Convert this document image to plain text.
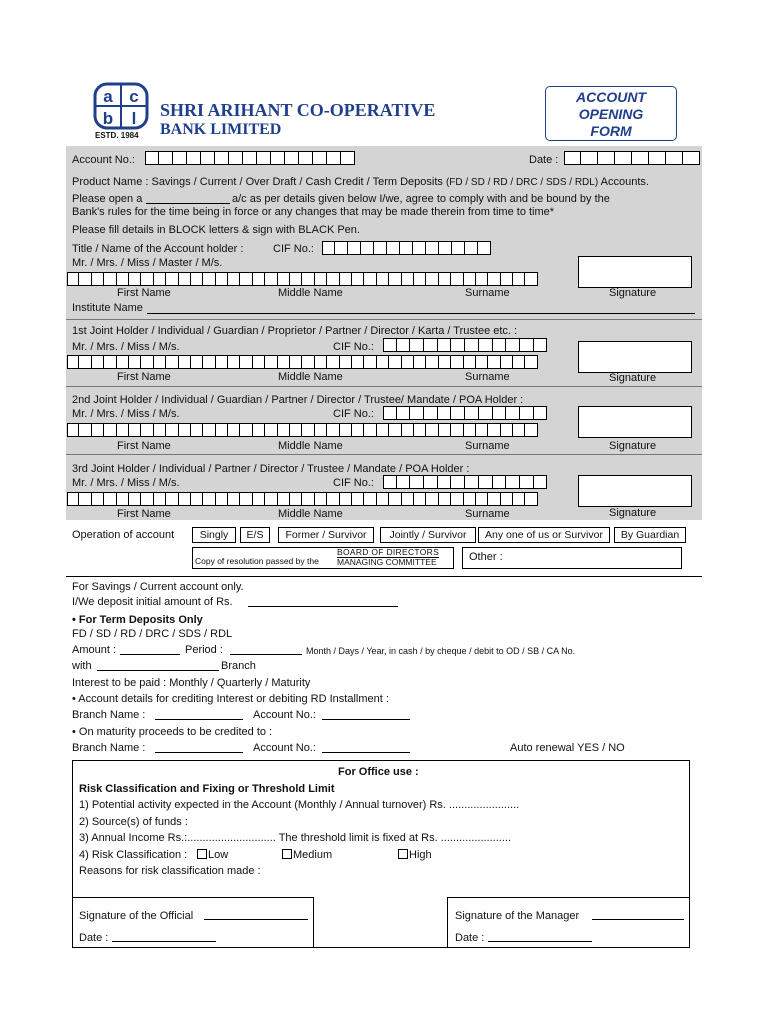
a c
b l
ESTD. 1984
SHRI ARIHANT CO-OPERATIVE
BANK LIMITED
ACCOUNT
OPENING
FORM
Account No.:	Date :
Product Name : Savings / Current / Over Draft / Cash Credit / Term Deposits (FD / SD / RD / DRC / SDS / RDL) Accounts.
Please open a	a/c as per details given below I/we, agree to comply with and be bound by the
Bank's rules for the time being in force or any changes that may be made therein from time to time*
Please fill details in BLOCK letters & sign with BLACK Pen.
Title / Name of the Account holder :	CIF No.:
Mr. / Mrs. / Miss / Master / M/s.
First Name	Middle Name	Surname	Signature
Institute Name
1st Joint Holder / Individual / Guardian / Proprietor / Partner / Director / Karta / Trustee etc. :
Mr. / Mrs. / Miss / M/s.	CIF No.:
First Name	Middle Name	Surname	Signature
2nd Joint Holder / Individual / Guardian / Partner / Director / Trustee/ Mandate / POA Holder :
Mr. / Mrs. / Miss / M/s.	CIF No.:
First Name	Middle Name	Surname	Signature
3rd Joint Holder / Individual / Partner / Director / Trustee / Mandate / POA Holder :
Mr. / Mrs. / Miss / M/s.	CIF No.:
First Name	Middle Name	Surname	Signature
Operation of account	Singly	E/S	Former / Survivor	Jointly / Survivor	Any one of us or Survivor	By Guardian
Copy of resolution passed by the
BOARD OF DIRECTORS
MANAGING COMMITTEE	Other :
For Savings / Current account only.
I/We deposit initial amount of Rs.
• For Term Deposits Only
FD / SD / RD / DRC / SDS / RDL
Amount :	Period :	Month / Days / Year, in cash / by cheque / debit to OD / SB / CA No.
with	Branch
Interest to be paid : Monthly / Quarterly / Maturity
• Account details for crediting Interest or debiting RD Installment :
Branch Name :	Account No.:
• On maturity proceeds to be credited to :
Branch Name :	Account No.:	Auto renewal YES / NO
For Office use :
Risk Classification and Fixing or Threshold Limit
1) Potential activity expected in the Account (Monthly / Annual turnover) Rs. .......................
2) Source(s) of funds :
3) Annual Income Rs.:............................. The threshold limit is fixed at Rs. .......................
4) Risk Classification :	Low	Medium	High
Reasons for risk classification made :
Signature of the Official
Date :
Signature of the Manager
Date :
